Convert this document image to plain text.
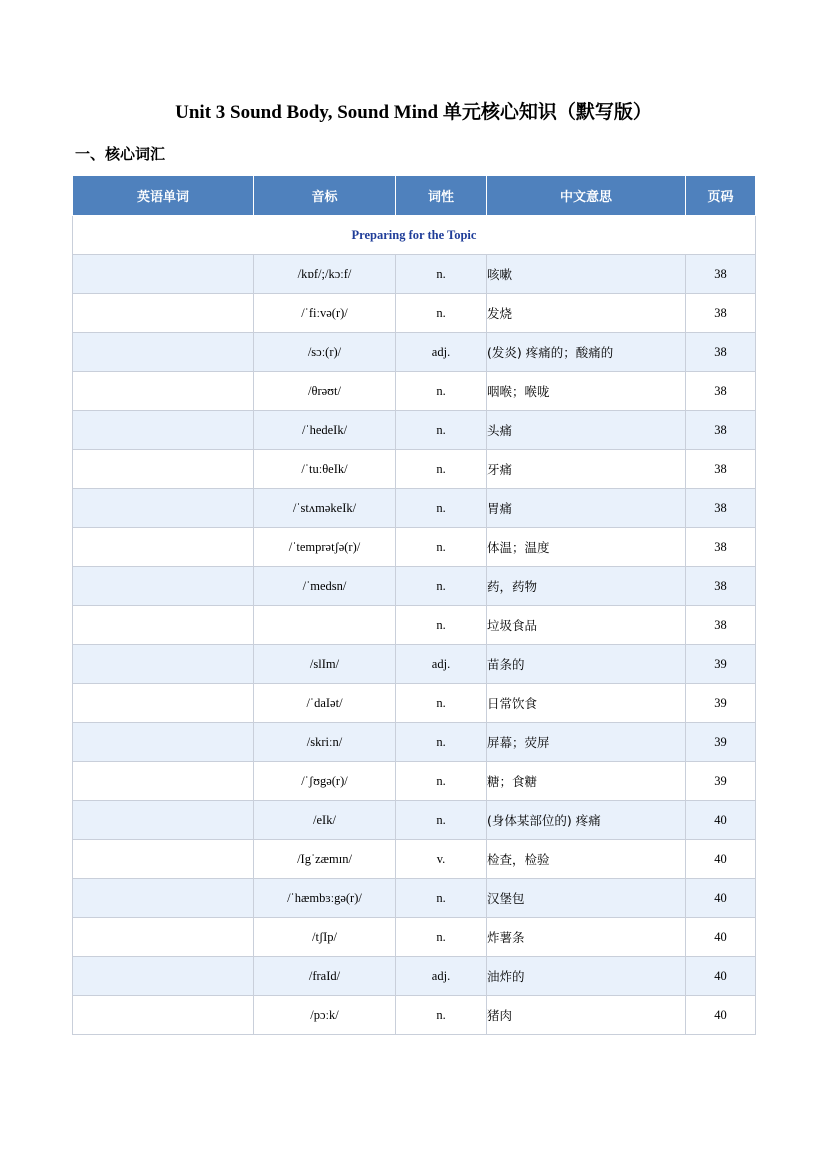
Unit 3 Sound Body, Sound Mind 单元核心知识（默写版）
一、核心词汇
英语单词	音标	词性	中文意思	页码
Preparing for the Topic				
	/kɒf/;/kɔːf/	n.	咳嗽	38
	/ˈfiːvə(r)/	n.	发烧	38
	/sɔː(r)/	adj.	(发炎) 疼痛的；酸痛的	38
	/θrəʊt/	n.	咽喉；喉咙	38
	/ˈhedeIk/	n.	头痛	38
	/ˈtuːθeIk/	n.	牙痛	38
	/ˈstʌməkeIk/	n.	胃痛	38
	/ˈtemprətʃə(r)/	n.	体温；温度	38
	/ˈmedsn/	n.	药，药物	38
		n.	垃圾食品	38
	/slIm/	adj.	苗条的	39
	/ˈdaIət/	n.	日常饮食	39
	/skriːn/	n.	屏幕；荧屏	39
	/ˈʃʊgə(r)/	n.	糖；食糖	39
	/eIk/	n.	(身体某部位的) 疼痛	40
	/Igˈzæmɪn/	v.	检查，检验	40
	/ˈhæmbɜːgə(r)/	n.	汉堡包	40
	/tʃIp/	n.	炸薯条	40
	/fraId/	adj.	油炸的	40
	/pɔːk/	n.	猪肉	40
